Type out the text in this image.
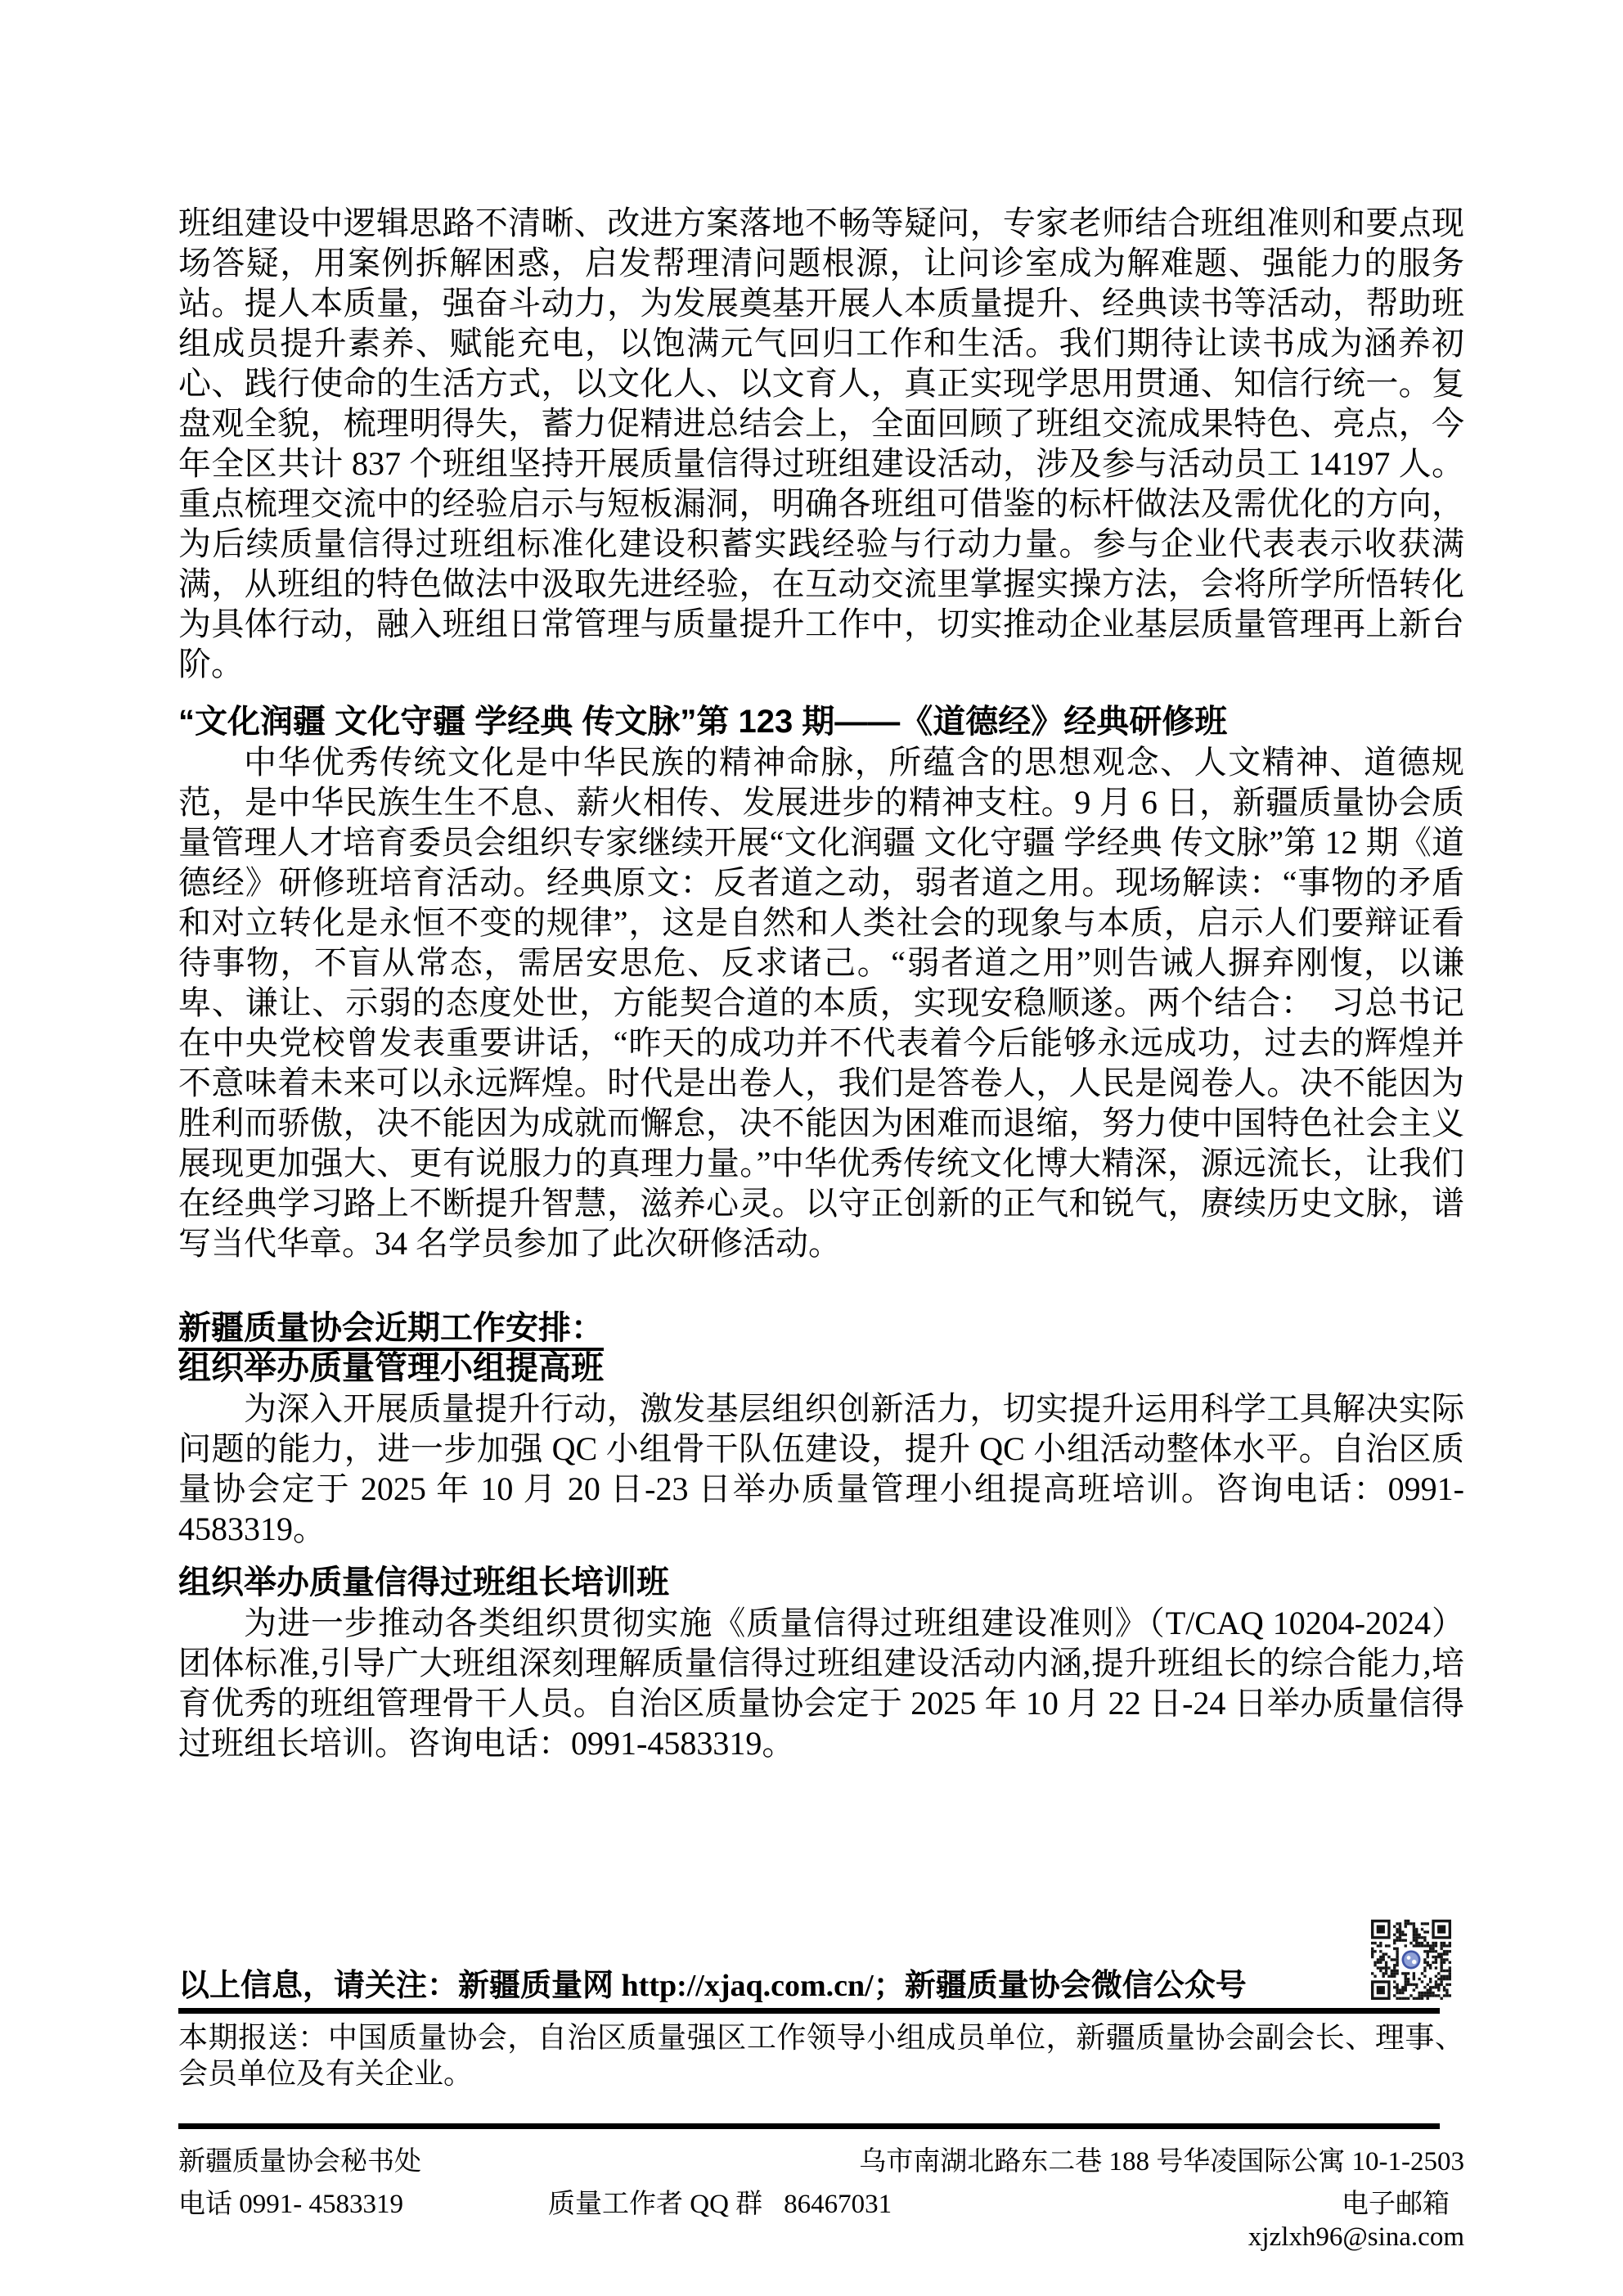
班组建设中逻辑思路不清晰、改进方案落地不畅等疑问，专家老师结合班组准则和要点现场答疑，用案例拆解困惑，启发帮理清问题根源，让问诊室成为解难题、强能力的服务站。提人本质量，强奋斗动力，为发展奠基开展人本质量提升、经典读书等活动，帮助班组成员提升素养、赋能充电，以饱满元气回归工作和生活。我们期待让读书成为涵养初心、践行使命的生活方式，以文化人、以文育人，真正实现学思用贯通、知信行统一。复盘观全貌，梳理明得失，蓄力促精进总结会上，全面回顾了班组交流成果特色、亮点，今年全区共计 837 个班组坚持开展质量信得过班组建设活动，涉及参与活动员工 14197 人。重点梳理交流中的经验启示与短板漏洞，明确各班组可借鉴的标杆做法及需优化的方向，为后续质量信得过班组标准化建设积蓄实践经验与行动力量。参与企业代表表示收获满满，从班组的特色做法中汲取先进经验，在互动交流里掌握实操方法，会将所学所悟转化为具体行动，融入班组日常管理与质量提升工作中，切实推动企业基层质量管理再上新台阶。

“文化润疆 文化守疆 学经典 传文脉”第 123 期——《道德经》经典研修班

中华优秀传统文化是中华民族的精神命脉，所蕴含的思想观念、人文精神、道德规范，是中华民族生生不息、薪火相传、发展进步的精神支柱。9 月 6 日，新疆质量协会质量管理人才培育委员会组织专家继续开展“文化润疆 文化守疆 学经典 传文脉”第 12 期《道德经》研修班培育活动。经典原文：反者道之动，弱者道之用。现场解读：“事物的矛盾和对立转化是永恒不变的规律”，这是自然和人类社会的现象与本质，启示人们要辩证看待事物，不盲从常态，需居安思危、反求诸己。“弱者道之用”则告诫人摒弃刚愎，以谦卑、谦让、示弱的态度处世，方能契合道的本质，实现安稳顺遂。两个结合：　习总书记在中央党校曾发表重要讲话，“昨天的成功并不代表着今后能够永远成功，过去的辉煌并不意味着未来可以永远辉煌。时代是出卷人，我们是答卷人，人民是阅卷人。决不能因为胜利而骄傲，决不能因为成就而懈怠，决不能因为困难而退缩，努力使中国特色社会主义展现更加强大、更有说服力的真理力量。”中华优秀传统文化博大精深，源远流长，让我们在经典学习路上不断提升智慧，滋养心灵。以守正创新的正气和锐气，赓续历史文脉，谱写当代华章。34 名学员参加了此次研修活动。

新疆质量协会近期工作安排：
组织举办质量管理小组提高班

为深入开展质量提升行动，激发基层组织创新活力，切实提升运用科学工具解决实际问题的能力，进一步加强 QC 小组骨干队伍建设，提升 QC 小组活动整体水平。自治区质量协会定于 2025 年 10 月 20 日-23 日举办质量管理小组提高班培训。咨询电话：0991-4583319。

组织举办质量信得过班组长培训班

为进一步推动各类组织贯彻实施《质量信得过班组建设准则》（T/CAQ 10204-2024）团体标准,引导广大班组深刻理解质量信得过班组建设活动内涵,提升班组长的综合能力,培育优秀的班组管理骨干人员。自治区质量协会定于 2025 年 10 月 22 日-24 日举办质量信得过班组长培训。咨询电话：0991-4583319。

以上信息，请关注：新疆质量网 http://xjaq.com.cn/；新疆质量协会微信公众号

本期报送：中国质量协会，自治区质量强区工作领导小组成员单位，新疆质量协会副会长、理事、会员单位及有关企业。

新疆质量协会秘书处	乌市南湖北路东二巷 188 号华凌国际公寓 10-1-2503
电话 0991- 4583319	质量工作者 QQ 群 86467031	电子邮箱 xjzlxh96@sina.com
